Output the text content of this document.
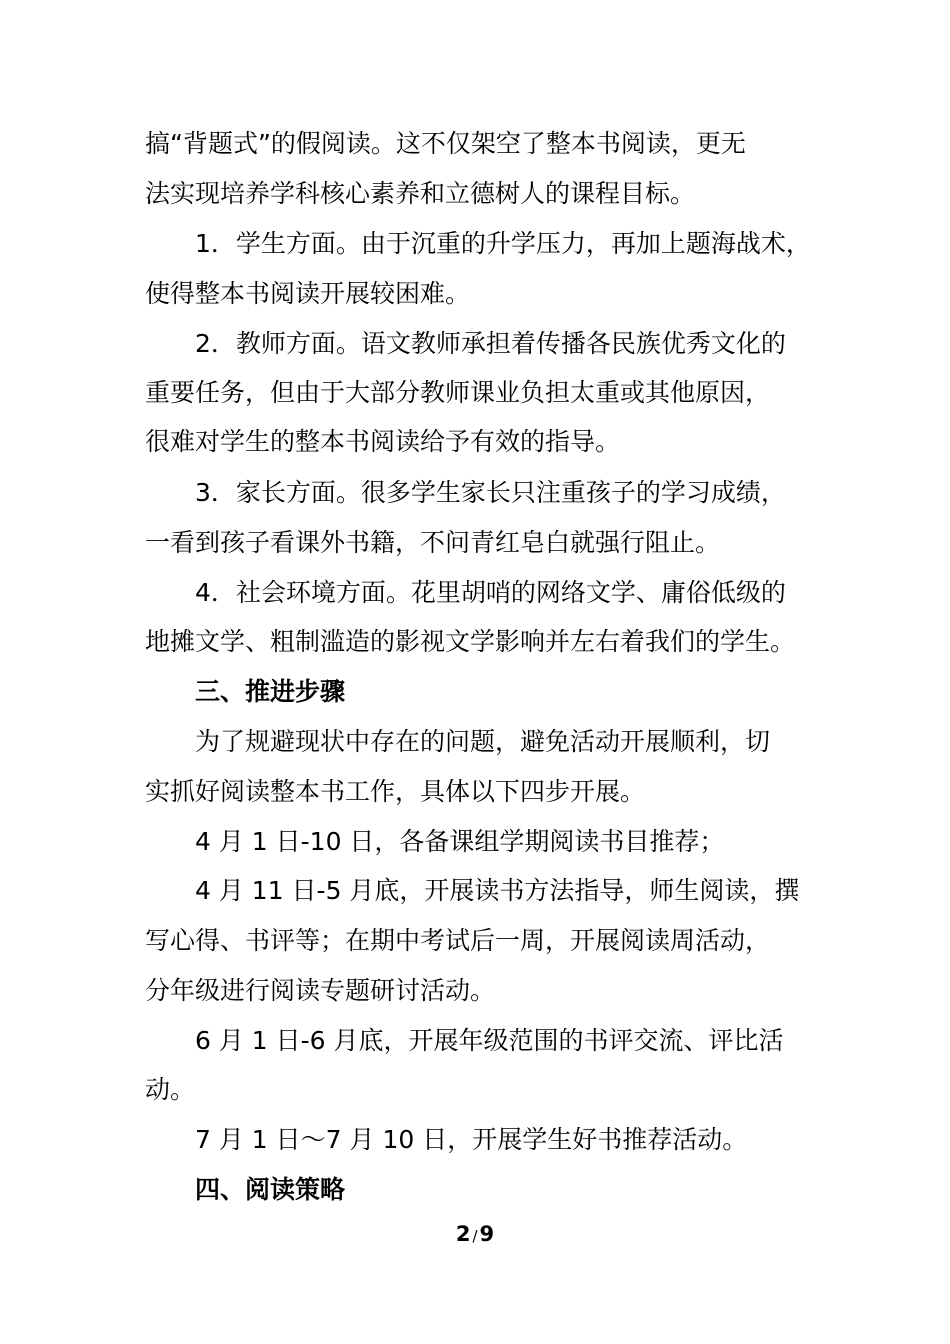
搞“背题式”的假阅读。这不仅架空了整本书阅读，更无

法实现培养学科核心素养和立德树人的课程目标。

1．学生方面。由于沉重的升学压力，再加上题海战术，

使得整本书阅读开展较困难。

2．教师方面。语文教师承担着传播各民族优秀文化的

重要任务，但由于大部分教师课业负担太重或其他原因，

很难对学生的整本书阅读给予有效的指导。

3．家长方面。很多学生家长只注重孩子的学习成绩，

一看到孩子看课外书籍，不问青红皂白就强行阻止。

4．社会环境方面。花里胡哨的网络文学、庸俗低级的

地摊文学、粗制滥造的影视文学影响并左右着我们的学生。

三、推进步骤

为了规避现状中存在的问题，避免活动开展顺利，切

实抓好阅读整本书工作，具体以下四步开展。

4 月 1 日-10 日，各备课组学期阅读书目推荐；

4 月 11 日-5 月底，开展读书方法指导，师生阅读，撰

写心得、书评等；在期中考试后一周，开展阅读周活动，

分年级进行阅读专题研讨活动。

6 月 1 日-6 月底，开展年级范围的书评交流、评比活

动。

7 月 1 日～7 月 10 日，开展学生好书推荐活动。

四、阅读策略

2 /9
